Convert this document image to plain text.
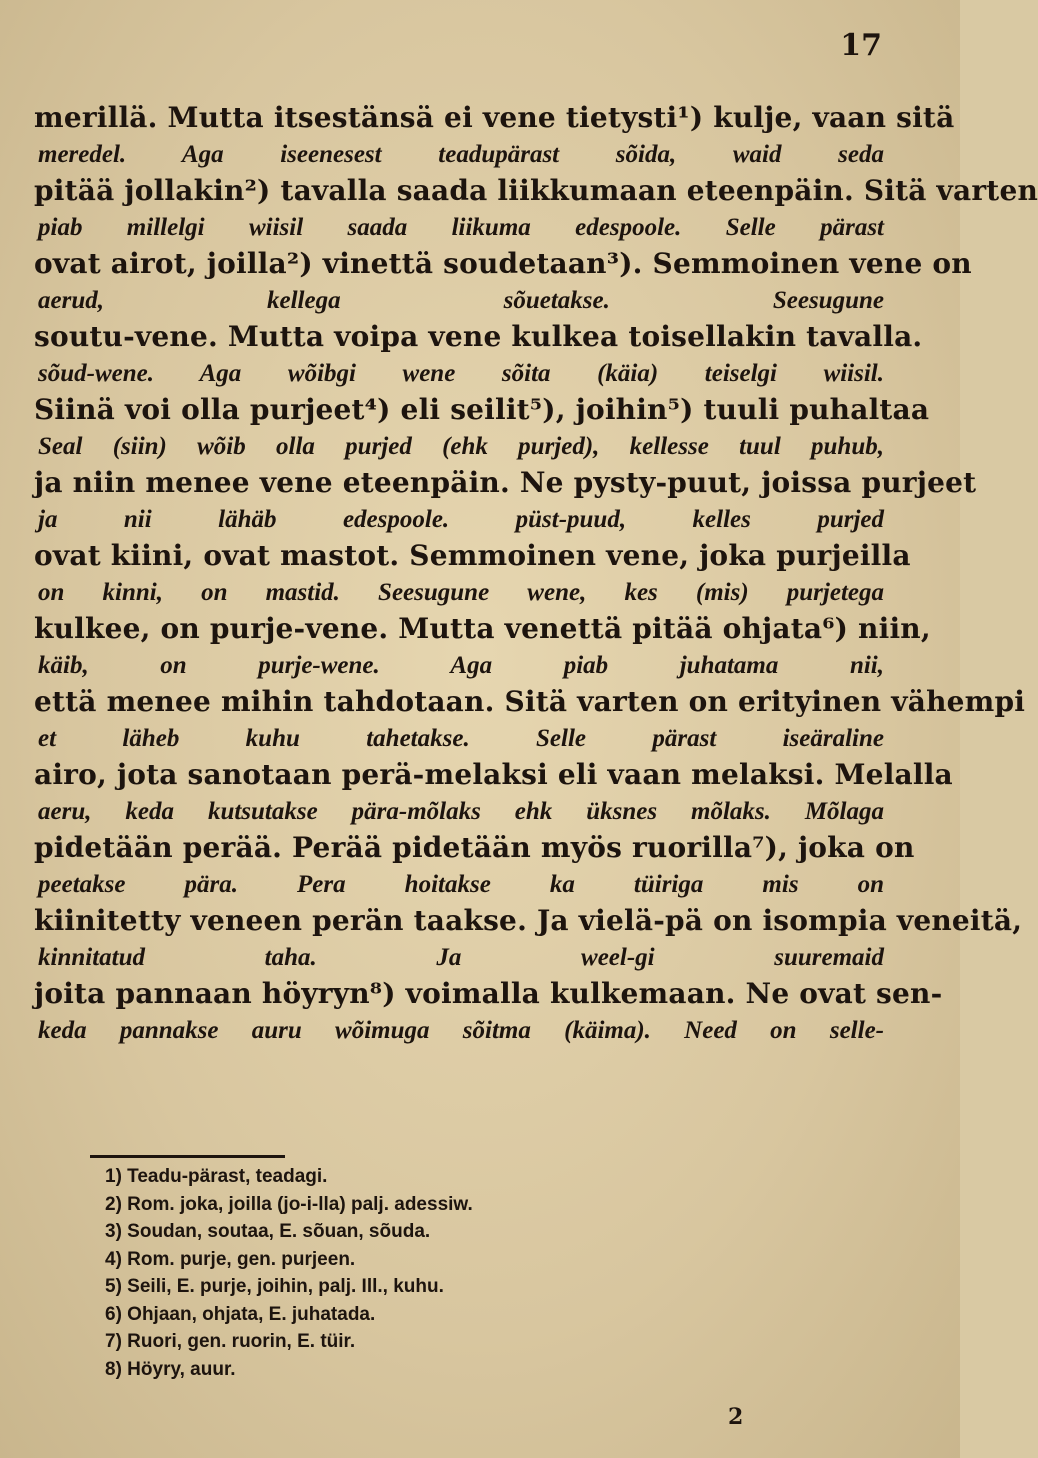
17
merillä. Mutta itsestänsä ei vene tietysti¹) kulje, vaan sitä
meredel. Aga iseenesest teadupärast sõida, waid seda
pitää jollakin²) tavalla saada liikkumaan eteenpäin. Sitä varten
piab millelgi wiisil saada liikuma edespoole. Selle pärast
ovat airot, joilla²) vinettä soudetaan³). Semmoinen vene on
aerud, kellega sõuetakse. Seesugune
soutu-vene. Mutta voipa vene kulkea toisellakin tavalla.
sõud-wene. Aga wõibgi wene sõita (käia) teiselgi wiisil.
Siinä voi olla purjeet⁴) eli seilit⁵), joihin⁵) tuuli puhaltaa
Seal (siin) wõib olla purjed (ehk purjed), kellesse tuul puhub,
ja niin menee vene eteenpäin. Ne pysty-puut, joissa purjeet
ja nii lähäb edespoole. püst-puud, kelles purjed
ovat kiini, ovat mastot. Semmoinen vene, joka purjeilla
on kinni, on mastid. Seesugune wene, kes (mis) purjetega
kulkee, on purje-vene. Mutta venettä pitää ohjata⁶) niin,
käib, on purje-wene. Aga piab juhatama nii,
että menee mihin tahdotaan. Sitä varten on erityinen vähempi
et läheb kuhu tahetakse. Selle pärast iseäraline
airo, jota sanotaan perä-melaksi eli vaan melaksi. Melalla
aeru, keda kutsutakse pära-mõlaks ehk üksnes mõlaks. Mõlaga
pidetään perää. Perää pidetään myös ruorilla⁷), joka on
peetakse pära. Pera hoitakse ka tüiriga mis on
kiinitetty veneen perän taakse. Ja vielä-pä on isompia veneitä,
kinnitatud taha. Ja weel-gi suuremaid
joita pannaan höyryn⁸) voimalla kulkemaan. Ne ovat sen-
keda pannakse auru wõimuga sõitma (käima). Need on selle-
1) Teadu-pärast, teadagi.
2) Rom. joka, joilla (jo-i-lla) palj. adessiw.
3) Soudan, soutaa, E. sõuan, sõuda.
4) Rom. purje, gen. purjeen.
5) Seili, E. purje, joihin, palj. Ill., kuhu.
6) Ohjaan, ohjata, E. juhatada.
7) Ruori, gen. ruorin, E. tüir.
8) Höyry, auur.
2
